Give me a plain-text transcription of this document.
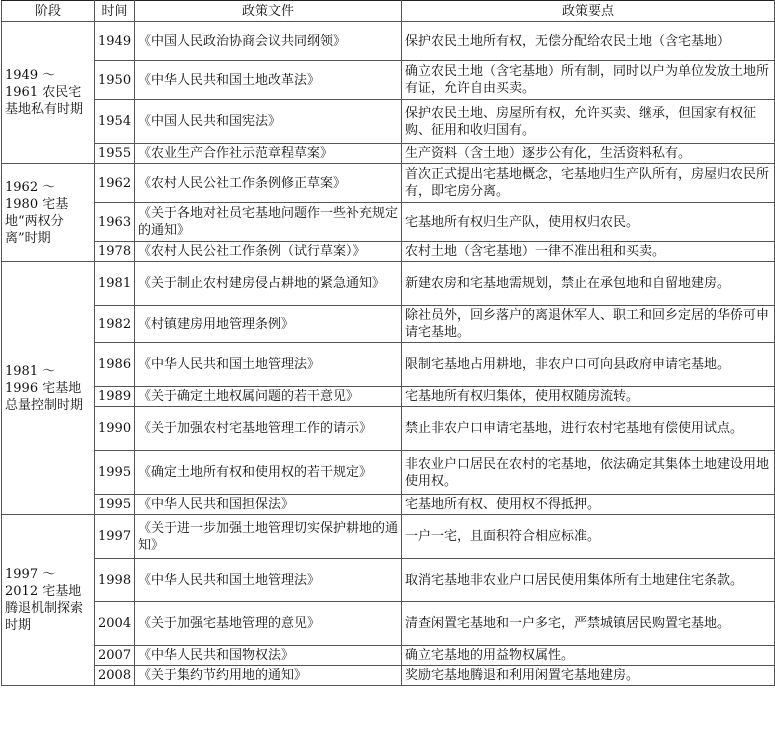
阶段	时间	政策文件	政策要点
1949 ～ 1961 农民宅基地私有时期	1949	《中国人民政治协商会议共同纲领》	保护农民土地所有权，无偿分配给农民土地（含宅基地）
	1950	《中华人民共和国土地改革法》	确立农民土地（含宅基地）所有制，同时以户为单位发放土地所有证，允许自由买卖。
	1954	《中国人民共和国宪法》	保护农民土地、房屋所有权，允许买卖、继承，但国家有权征购、征用和收归国有。
	1955	《农业生产合作社示范章程草案》	生产资料（含土地）逐步公有化，生活资料私有。
1962 ～ 1980 宅基地“两权分离”时期	1962	《农村人民公社工作条例修正草案》	首次正式提出宅基地概念，宅基地归生产队所有，房屋归农民所有，即宅房分离。
	1963	《关于各地对社员宅基地问题作一些补充规定的通知》	宅基地所有权归生产队，使用权归农民。
	1978	《农村人民公社工作条例（试行草案）》	农村土地（含宅基地）一律不准出租和买卖。
1981 ～ 1996 宅基地总量控制时期	1981	《关于制止农村建房侵占耕地的紧急通知》	新建农房和宅基地需规划，禁止在承包地和自留地建房。
	1982	《村镇建房用地管理条例》	除社员外，回乡落户的离退休军人、职工和回乡定居的华侨可申请宅基地。
	1986	《中华人民共和国土地管理法》	限制宅基地占用耕地，非农户口可向县政府申请宅基地。
	1989	《关于确定土地权属问题的若干意见》	宅基地所有权归集体，使用权随房流转。
	1990	《关于加强农村宅基地管理工作的请示》	禁止非农户口申请宅基地，进行农村宅基地有偿使用试点。
	1995	《确定土地所有权和使用权的若干规定》	非农业户口居民在农村的宅基地，依法确定其集体土地建设用地使用权。
	1995	《中华人民共和国担保法》	宅基地所有权、使用权不得抵押。
1997 ～ 2012 宅基地腾退机制探索时期	1997	《关于进一步加强土地管理切实保护耕地的通知》	一户一宅，且面积符合相应标准。
	1998	《中华人民共和国土地管理法》	取消宅基地非农业户口居民使用集体所有土地建住宅条款。
	2004	《关于加强宅基地管理的意见》	清查闲置宅基地和一户多宅，严禁城镇居民购置宅基地。
	2007	《中华人民共和国物权法》	确立宅基地的用益物权属性。
	2008	《关于集约节约用地的通知》	奖励宅基地腾退和利用闲置宅基地建房。
